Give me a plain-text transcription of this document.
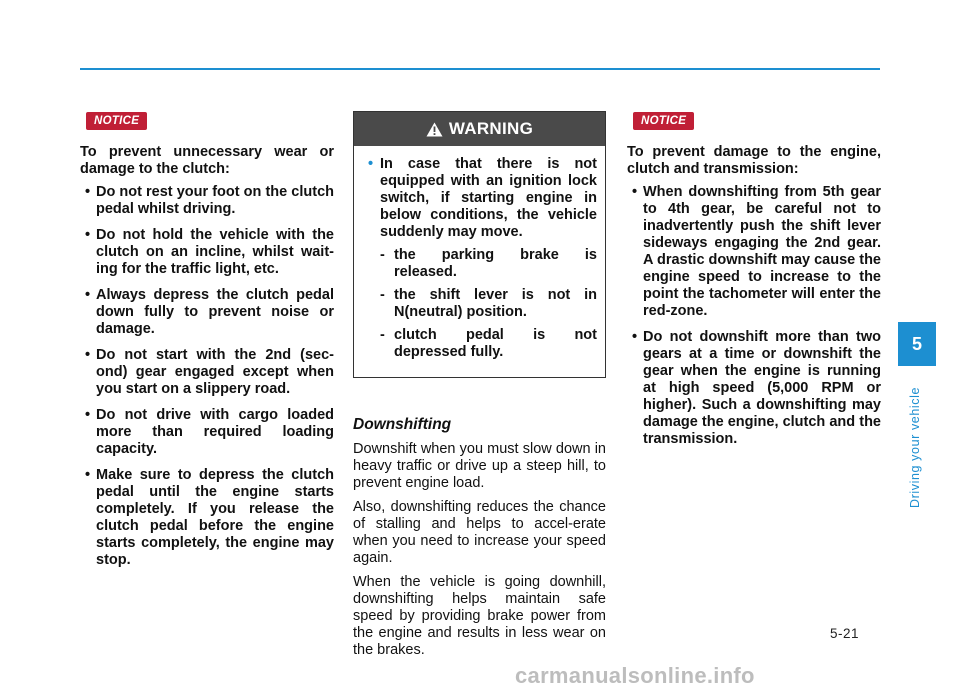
NOTICE

To prevent unnecessary wear or damage to the clutch:

• Do not rest your foot on the clutch pedal whilst driving.
• Do not hold the vehicle with the clutch on an incline, whilst wait-ing for the traffic light, etc.
• Always depress the clutch pedal down fully to prevent noise or damage.
• Do not start with the 2nd (sec-ond) gear engaged except when you start on a slippery road.
• Do not drive with cargo loaded more than required loading capacity.
• Make sure to depress the clutch pedal until the engine starts completely. If you release the clutch pedal before the engine starts completely, the engine may stop.
WARNING

• In case that there is not equipped with an ignition lock switch, if starting engine in below conditions, the vehicle suddenly may move.

- the parking brake is released.

- the shift lever is not in N(neutral) position.

- clutch pedal is not depressed fully.

Downshifting

Downshift when you must slow down in heavy traffic or drive up a steep hill, to prevent engine load.

Also, downshifting reduces the chance of stalling and helps to accel-erate when you need to increase your speed again.

When the vehicle is going downhill, downshifting helps maintain safe speed by providing brake power from the engine and results in less wear on the brakes.

NOTICE

To prevent damage to the engine, clutch and transmission:

• When downshifting from 5th gear to 4th gear, be careful not to inadvertently push the shift lever sideways engaging the 2nd gear. A drastic downshift may cause the engine speed to increase to the point the tachometer will enter the red-zone.
• Do not downshift more than two gears at a time or downshift the gear when the engine is running at high speed (5,000 RPM or higher). Such a downshifting may damage the engine, clutch and the transmission.
5
Driving your vehicle
5-21
carmanualsonline.info
